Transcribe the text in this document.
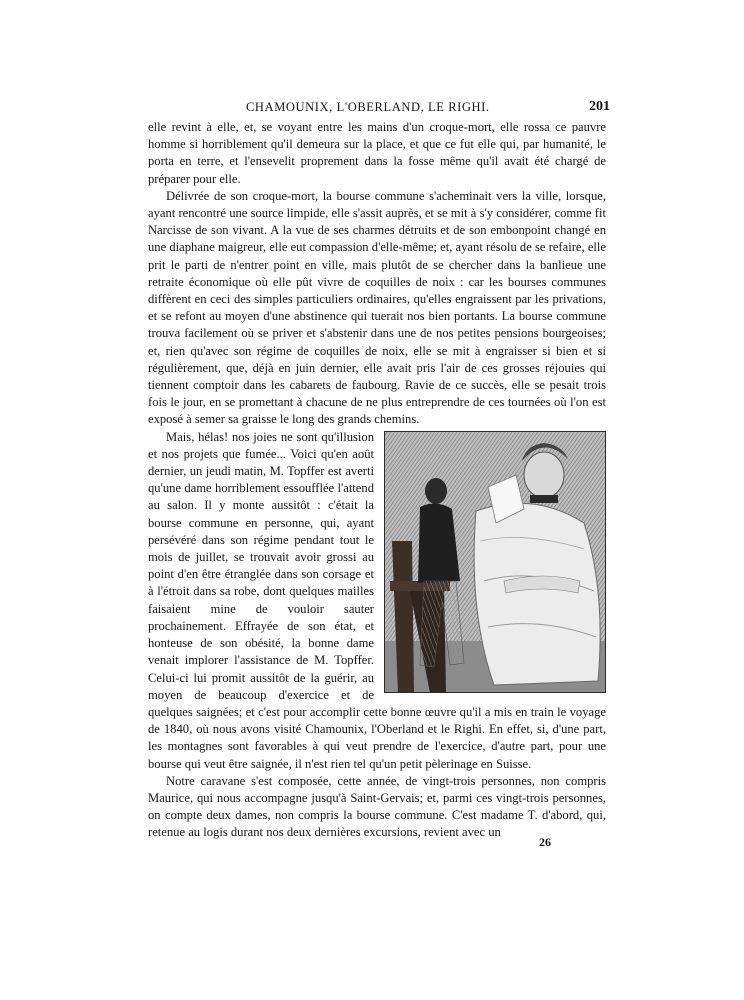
CHAMOUNIX, L'OBERLAND, LE RIGHI.	201

elle revint à elle, et, se voyant entre les mains d'un croque-mort, elle rossa ce pauvre homme si horriblement qu'il demeura sur la place, et que ce fut elle qui, par humanité, le porta en terre, et l'ensevelit proprement dans la fosse même qu'il avait été chargé de préparer pour elle.

Délivrée de son croque-mort, la bourse commune s'acheminait vers la ville, lorsque, ayant rencontré une source limpide, elle s'assit auprès, et se mit à s'y considérer, comme fit Narcisse de son vivant. A la vue de ses charmes détruits et de son embonpoint changé en une diaphane maigreur, elle eut compassion d'elle-même; et, ayant résolu de se refaire, elle prit le parti de n'entrer point en ville, mais plutôt de se chercher dans la banlieue une retraite économique où elle pût vivre de coquilles de noix : car les bourses communes diffèrent en ceci des simples particuliers ordinaires, qu'elles engraissent par les privations, et se refont au moyen d'une abstinence qui tuerait nos bien portants. La bourse commune trouva facilement où se priver et s'abstenir dans une de nos petites pensions bourgeoises; et, rien qu'avec son régime de coquilles de noix, elle se mit à engraisser si bien et si régulièrement, que, déjà en juin dernier, elle avait pris l'air de ces grosses réjouies qui tiennent comptoir dans les cabarets de faubourg. Ravie de ce succès, elle se pesait trois fois le jour, en se promettant à chacune de ne plus entreprendre de ces tournées où l'on est exposé à semer sa graisse le long des grands chemins.

Mais, hélas! nos joies ne sont qu'illusion et nos projets que fumée... Voici qu'en août dernier, un jeudi matin, M. Topffer est averti qu'une dame horriblement essoufflée l'attend au salon. Il y monte aussitôt : c'était la bourse commune en personne, qui, ayant persévéré dans son régime pendant tout le mois de juillet, se trouvait avoir grossi au point d'en être étranglée dans son corsage et à l'étroit dans sa robe, dont quelques mailles faisaient mine de vouloir sauter prochainement. Effrayée de son état, et honteuse de son obésité, la bonne dame venait implorer l'assistance de M. Topffer. Celui-ci lui promit aussitôt de la guérir, au moyen de beaucoup d'exercice et de quelques saignées; et c'est pour accomplir cette bonne œuvre qu'il a mis en train le voyage de 1840, où nous avons visité Chamounix, l'Oberland et le Righi. En effet, si, d'une part, les montagnes sont favorables à qui veut prendre de l'exercice, d'autre part, pour une bourse qui veut être saignée, il n'est rien tel qu'un petit pèlerinage en Suisse.

Notre caravane s'est composée, cette année, de vingt-trois personnes, non compris Maurice, qui nous accompagne jusqu'à Saint-Gervais; et, parmi ces vingt-trois personnes, on compte deux dames, non compris la bourse commune. C'est madame T. d'abord, qui, retenue au logis durant nos deux dernières excursions, revient avec un

26
